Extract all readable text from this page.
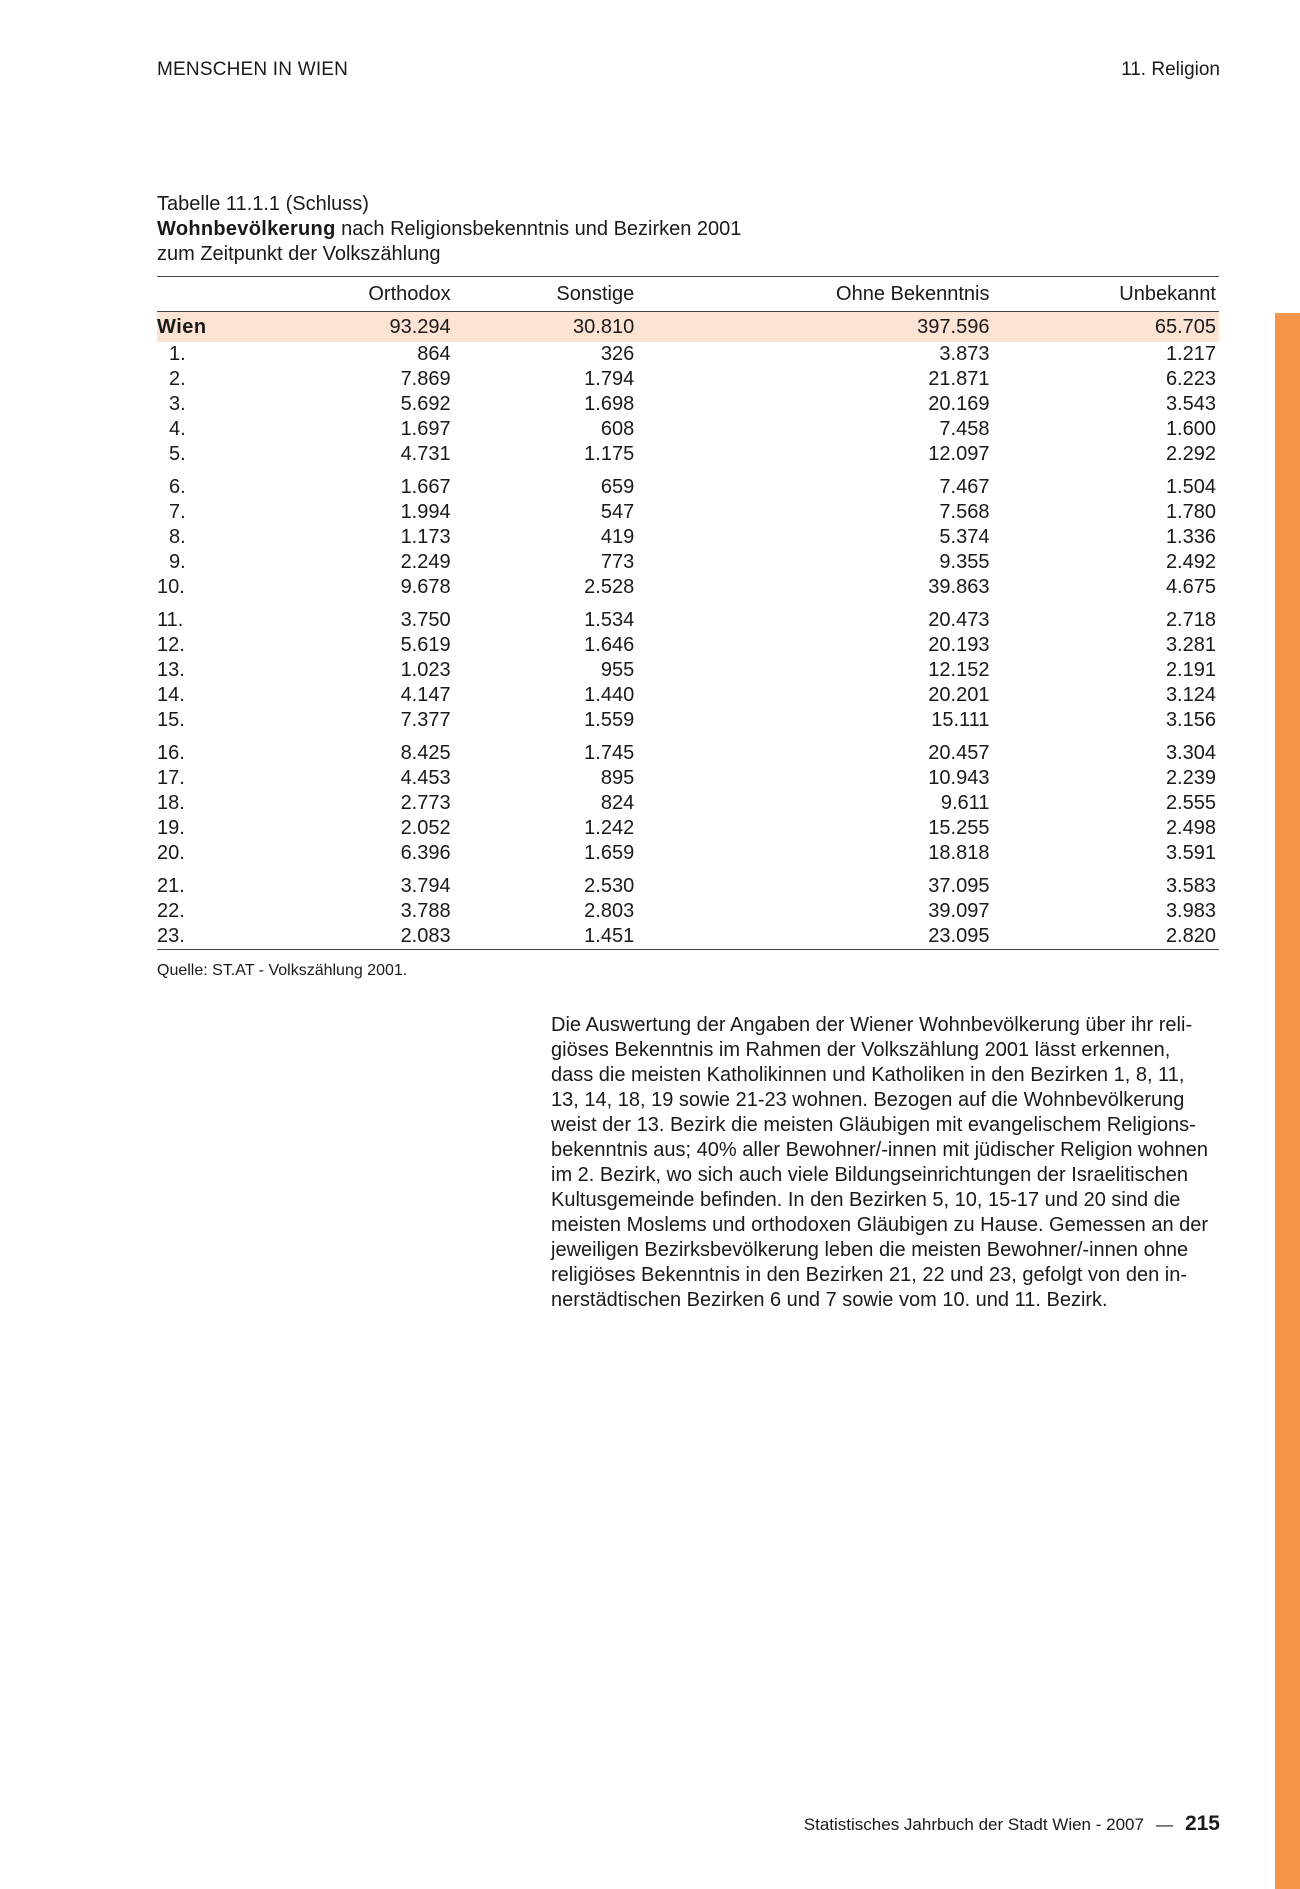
MENSCHEN IN WIEN	11. Religion
Tabelle 11.1.1 (Schluss)
Wohnbevölkerung nach Religionsbekenntnis und Bezirken 2001
zum Zeitpunkt der Volkszählung
	Orthodox	Sonstige	Ohne Bekenntnis	Unbekannt
Wien	93.294	30.810	397.596	65.705
1.	864	326	3.873	1.217
2.	7.869	1.794	21.871	6.223
3.	5.692	1.698	20.169	3.543
4.	1.697	608	7.458	1.600
5.	4.731	1.175	12.097	2.292
6.	1.667	659	7.467	1.504
7.	1.994	547	7.568	1.780
8.	1.173	419	5.374	1.336
9.	2.249	773	9.355	2.492
10.	9.678	2.528	39.863	4.675
11.	3.750	1.534	20.473	2.718
12.	5.619	1.646	20.193	3.281
13.	1.023	955	12.152	2.191
14.	4.147	1.440	20.201	3.124
15.	7.377	1.559	15.111	3.156
16.	8.425	1.745	20.457	3.304
17.	4.453	895	10.943	2.239
18.	2.773	824	9.611	2.555
19.	2.052	1.242	15.255	2.498
20.	6.396	1.659	18.818	3.591
21.	3.794	2.530	37.095	3.583
22.	3.788	2.803	39.097	3.983
23.	2.083	1.451	23.095	2.820
Quelle: ST.AT - Volkszählung 2001.
Die Auswertung der Angaben der Wiener Wohnbevölkerung über ihr reli-
giöses Bekenntnis im Rahmen der Volkszählung 2001 lässt erkennen,
dass die meisten Katholikinnen und Katholiken in den Bezirken 1, 8, 11,
13, 14, 18, 19 sowie 21-23 wohnen. Bezogen auf die Wohnbevölkerung
weist der 13. Bezirk die meisten Gläubigen mit evangelischem Religions-
bekenntnis aus; 40% aller Bewohner/-innen mit jüdischer Religion wohnen
im 2. Bezirk, wo sich auch viele Bildungseinrichtungen der Israelitischen
Kultusgemeinde befinden. In den Bezirken 5, 10, 15-17 und 20 sind die
meisten Moslems und orthodoxen Gläubigen zu Hause. Gemessen an der
jeweiligen Bezirksbevölkerung leben die meisten Bewohner/-innen ohne
religiöses Bekenntnis in den Bezirken 21, 22 und 23, gefolgt von den in-
nerstädtischen Bezirken 6 und 7 sowie vom 10. und 11. Bezirk.
Statistisches Jahrbuch der Stadt Wien - 2007 — 215
